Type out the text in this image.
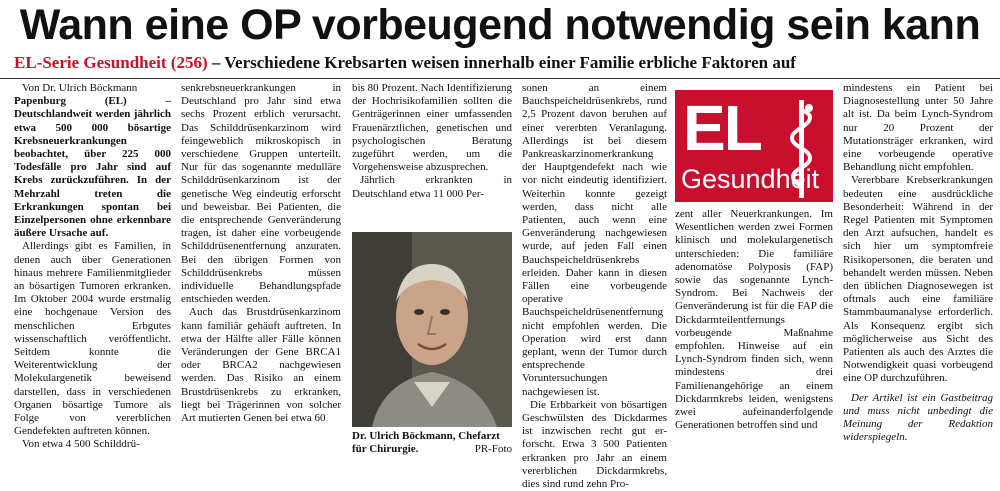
Wann eine OP vorbeugend notwendig sein kann
EL-Serie Gesundheit (256) – Verschiedene Krebsarten weisen innerhalb einer Familie erbliche Faktoren auf

Von Dr. Ulrich Böckmann

Papenburg (EL) – Deutschlandweit werden jährlich etwa 500 000 bösartige Krebsneuerkrankungen beobachtet, über 225 000 Todesfälle pro Jahr sind auf Krebs zurückzuführen. In der Mehrzahl treten die Erkrankungen spontan bei Einzelpersonen ohne erkennbare äußere Ursache auf.

Allerdings gibt es Familien, in denen auch über Generationen hinaus mehrere Familienmitglieder an bösartigen Tumoren erkranken. Im Oktober 2004 wurde erstmalig eine hochgenaue Version des menschlichen Erbgutes wissenschaftlich veröffentlicht. Seitdem konnte die Weiterentwicklung der Molekulargenetik beweisend darstellen, dass in verschiedenen Organen bösartige Tumore als Folge von vererblichen Gendefekten auftreten können.

Von etwa 4 500 Schilddrü-

senkrebsneuerkrankungen in Deutschland pro Jahr sind etwa sechs Prozent erblich verursacht. Das Schilddrüsenkarzinom wird feingeweblich mikroskopisch in verschiedene Gruppen unterteilt. Nur für das sogenannte medulläre Schilddrüsenkarzinom ist der genetische Weg eindeutig erforscht und beweisbar. Bei Patienten, die die entsprechende Genveränderung tragen, ist daher eine vorbeugende Schilddrüsenentfernung anzuraten. Bei den übrigen Formen von Schilddrüsenkrebs müssen individuelle Behandlungspfade entschieden werden.

Auch das Brustdrüsenkarzinom kann familiär gehäuft auftreten. In etwa der Hälfte aller Fälle können Veränderungen der Gene BRCA1 oder BRCA2 nachgewiesen werden. Das Risiko an einem Brustdrüsenkrebs zu erkranken, liegt bei Trägerinnen von solcher Art mutierten Genen bei etwa 60

bis 80 Prozent. Nach Identifizierung der Hochrisikofamilien sollten die Genträgerinnen einer umfassenden Frauenärztlichen, genetischen und psychologischen Beratung zugeführt werden, um die Vorgehensweise abzusprechen.

Jährlich erkrankten in Deutschland etwa 11 000 Per-

Dr. Ulrich Böckmann, Chefarzt für Chirurgie.	PR-Foto

sonen an einem Bauchspeicheldrüsenkrebs, rund 2,5 Prozent davon beruhen auf einer vererbten Veranlagung. Allerdings ist bei diesem Pankreaskarzinomerkrankung der Hauptgendefekt nach wie vor nicht eindeutig identifiziert. Weiterhin konnte gezeigt werden, dass nicht alle Patienten, auch wenn eine Genveränderung nachgewiesen wurde, auf jeden Fall einen Bauchspeicheldrüsenkrebs erleiden. Daher kann in diesen Fällen eine vorbeugende operative Bauchspeicheldrüsenentfernung nicht empfohlen werden. Die Operation wird erst dann geplant, wenn der Tumor durch entsprechende Voruntersuchungen nachgewiesen ist.

Die Erbbarkeit von bösartigen Geschwülsten des Dickdarmes ist inzwischen recht gut er-forscht. Etwa 3 500 Patienten erkranken pro Jahr an einem vererblichen Dickdarmkrebs, dies sind rund zehn Pro-

EL
Gesundheit

zent aller Neuerkrankungen. Im Wesentlichen werden zwei Formen klinisch und molekulargenetisch unterschieden: Die familiäre adenomatöse Polyposis (FAP) sowie das sogenannte Lynch-Syndrom. Bei Nachweis der Genveränderung ist für die FAP die Dickdarmteilentfernungs vorbeugende Maßnahme empfohlen. Hinweise auf ein Lynch-Syndrom finden sich, wenn mindestens drei Familienangehörige an einem Dickdarmkrebs leiden, wenigstens zwei aufeinanderfolgende Generationen betroffen sind und

mindestens ein Patient bei Diagnosestellung unter 50 Jahre alt ist. Da beim Lynch-Syndrom nur 20 Prozent der Mutationsträger erkranken, wird eine vorbeugende operative Behandlung nicht empfohlen.

Vererbbare Krebserkrankungen bedeuten eine ausdrückliche Besonderheit: Während in der Regel Patienten mit Symptomen den Arzt aufsuchen, handelt es sich hier um symptomfreie Risikopersonen, die beraten und behandelt werden müssen. Neben den üblichen Diagnosewegen ist oftmals auch eine familiäre Stammbaumanalyse erforderlich. Als Konsequenz ergibt sich möglicherweise aus Sicht des Patienten als auch des Arztes die Notwendigkeit quasi vorbeugend eine OP durchzuführen.

Der Artikel ist ein Gastbeitrag und muss nicht unbedingt die Meinung der Redaktion widerspiegeln.
